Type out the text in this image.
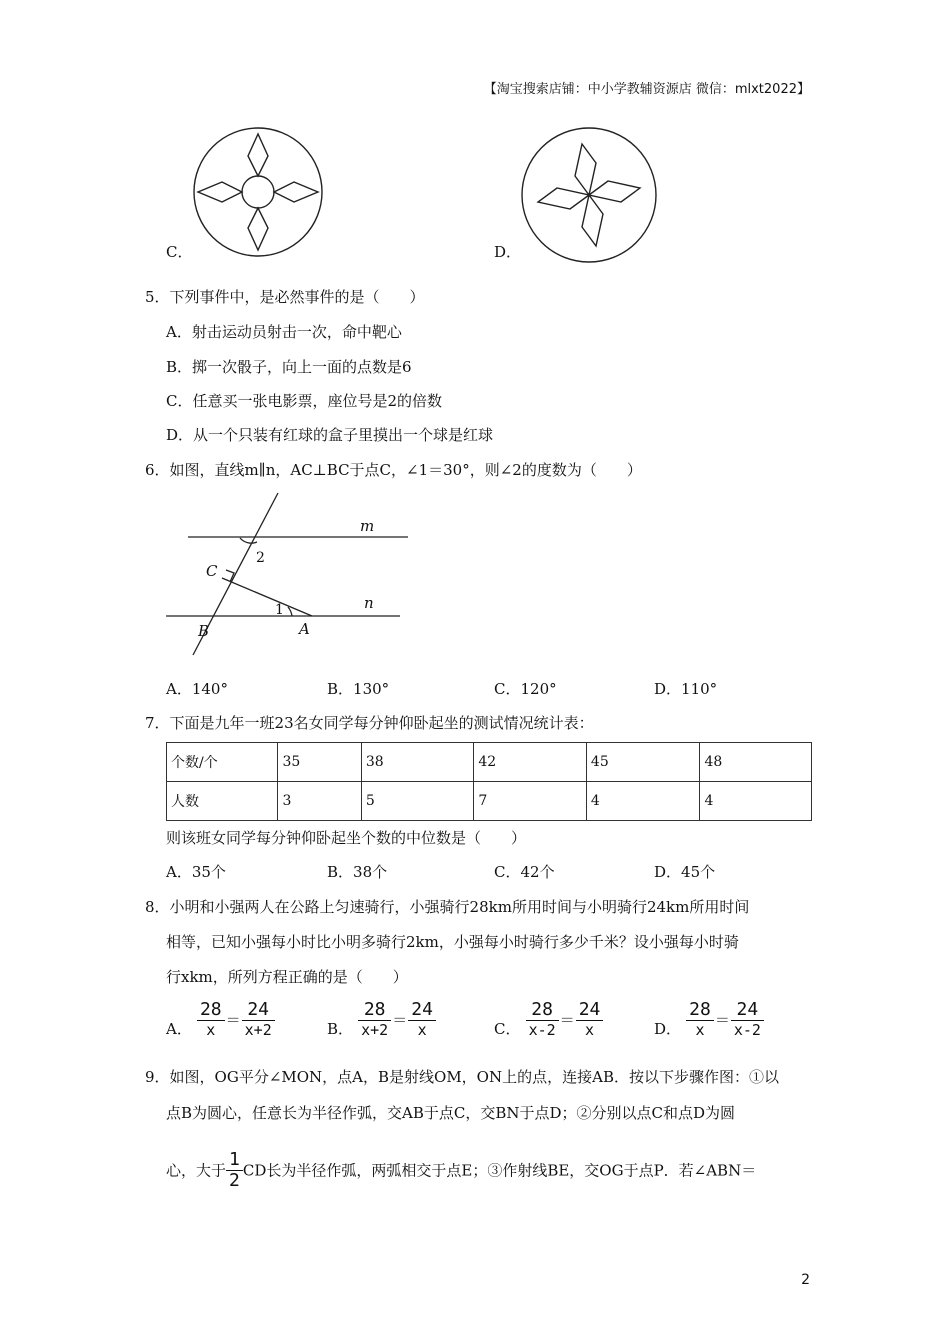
【淘宝搜索店铺：中小学教辅资源店 微信：mlxt2022】
C．	D．
5．下列事件中，是必然事件的是（　　）
A．射击运动员射击一次，命中靶心
B．掷一次骰子，向上一面的点数是6
C．任意买一张电影票，座位号是2的倍数
D．从一个只装有红球的盒子里摸出一个球是红球
6．如图，直线m∥n，AC⊥BC于点C，∠1＝30°，则∠2的度数为（　　）
m
n
C
B	A
1
2
A．140°	B．130°	C．120°	D．110°
7．下面是九年一班23名女同学每分钟仰卧起坐的测试情况统计表：
个数/个	35	38	42	45	48
人数	3	5	7	4	4
则该班女同学每分钟仰卧起坐个数的中位数是（　　）
A．35个	B．38个	C．42个	D．45个
8．小明和小强两人在公路上匀速骑行，小强骑行28km所用时间与小明骑行24km所用时间
相等，已知小强每小时比小明多骑行2km，小强每小时骑行多少千米？设小强每小时骑
行xkm，所列方程正确的是（　　）
A． $\frac{28}{x} = \frac{24}{x+2}$	B． $\frac{28}{x+2} = \frac{24}{x}$	C． $\frac{28}{x-2} = \frac{24}{x}$	D． $\frac{28}{x} = \frac{24}{x-2}$
9．如图，OG平分∠MON，点A，B是射线OM，ON上的点，连接AB．按以下步骤作图：①以
点B为圆心，任意长为半径作弧，交AB于点C，交BN于点D；②分别以点C和点D为圆
心，大于 $\frac{1}{2}$ CD长为半径作弧，两弧相交于点E；③作射线BE，交OG于点P．若∠ABN＝
2
